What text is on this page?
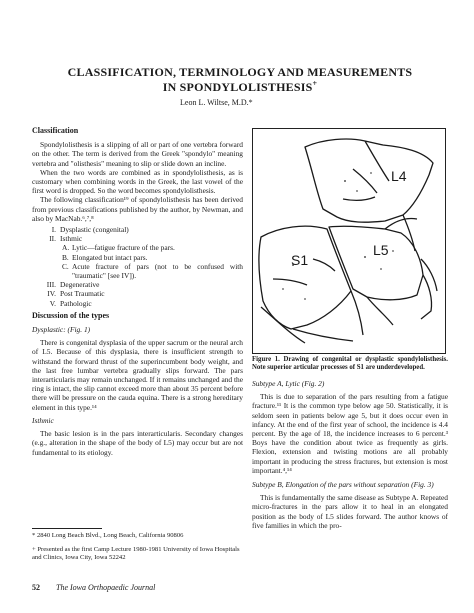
CLASSIFICATION, TERMINOLOGY AND MEASUREMENTS
IN SPONDYLOLISTHESIS+
Leon L. Wiltse, M.D.*
Classification

Spondylolisthesis is a slipping of all or part of one vertebra forward on the other. The term is derived from the Greek "spondylo" meaning vertebra and "olisthesis" meaning to slip or slide down an incline.

When the two words are combined as in spondylolisthesis, as is customary when combining words in the Greek, the last vowel of the first word is dropped. So the word becomes spondylolisthesis.

The following classification¹⁹ of spondylolisthesis has been derived from previous classifications published by the author, by Newman, and also by MacNab.⁶,⁷,⁸

I. Dysplastic (congenital)
II. Isthmic
A. Lytic—fatigue fracture of the pars.
B. Elongated but intact pars.
C. Acute fracture of pars (not to be confused with "traumatic" [see IV]).
III. Degenerative
IV. Post Traumatic
V. Pathologic
Discussion of the types

Dysplastic: (Fig. 1)

There is congenital dysplasia of the upper sacrum or the neural arch of L5. Because of this dysplasia, there is insufficient strength to withstand the forward thrust of the superincumbent body weight, and the last free lumbar vertebra gradually slips forward. The pars interarticularis may remain unchanged. If it remains unchanged and the ring is intact, the slip cannot exceed more than about 35 percent before there will be pressure on the cauda equina. There is a strong hereditary element in this type.¹⁴

Isthmic

The basic lesion is in the pars interarticularis. Secondary changes (e.g., alteration in the shape of the body of L5) may occur but are not fundamental to its etiology.

L4
L5
S1

Figure 1. Drawing of congenital or dysplastic spondylolisthesis. Note superior articular processes of S1 are underdeveloped.

Subtype A, Lytic (Fig. 2)

This is due to separation of the pars resulting from a fatigue fracture.¹¹ It is the common type below age 50. Statistically, it is seldom seen in patients below age 5, but it does occur even in infancy. At the end of the first year of school, the incidence is 4.4 percent. By the age of 18, the incidence increases to 6 percent.³ Boys have the condition about twice as frequently as girls. Flexion, extension and twisting motions are all probably important in producing the stress fractures, but extension is most important.⁴,¹⁴

Subtype B, Elongation of the pars without separation (Fig. 3)

This is fundamentally the same disease as Subtype A. Repeated micro-fractures in the pars allow it to heal in an elongated position as the body of L5 slides forward. The author knows of five families in which the pro-

* 2840 Long Beach Blvd., Long Beach, California 90806
+ Presented as the first Camp Lecture 1980-1981 University of Iowa Hospitals and Clinics, Iowa City, Iowa 52242
52 The Iowa Orthopaedic Journal
